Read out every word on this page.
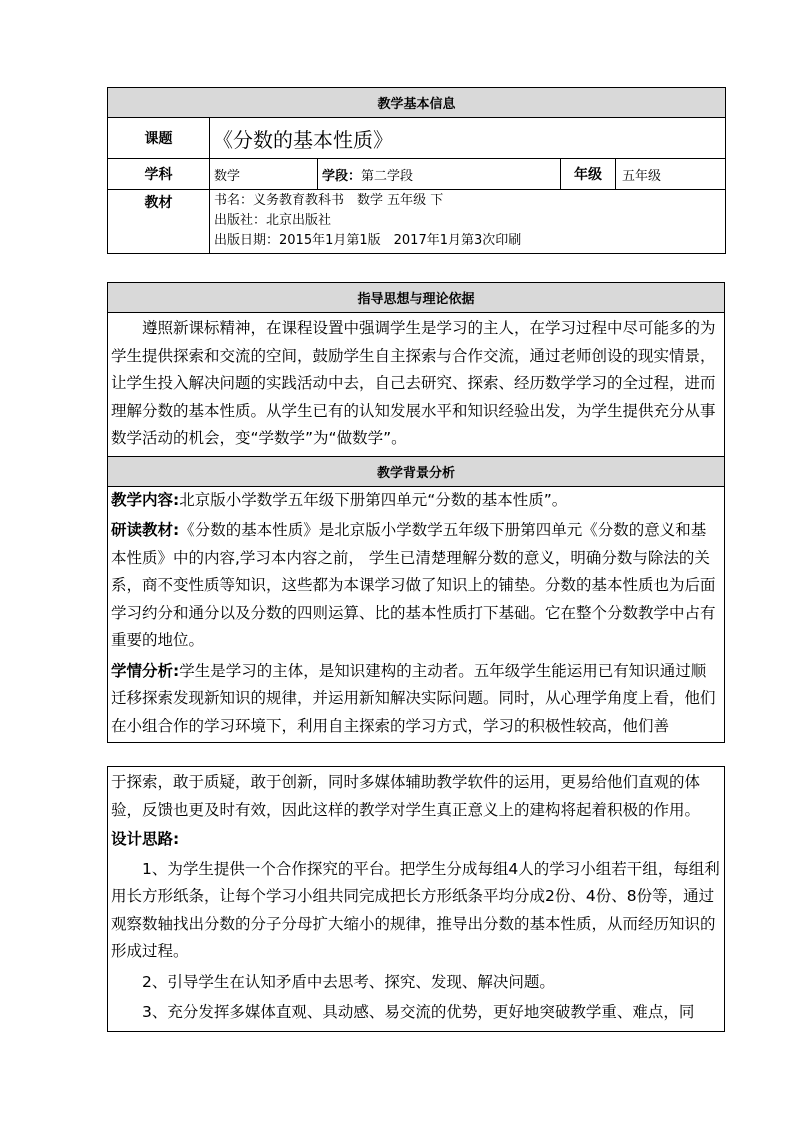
教学基本信息				
课题	《分数的基本性质》			
学科	数学	学段：第二学段	年级	五年级
教材	书名：义务教育教科书　数学 五年级 下
出版社：北京出版社
出版日期：2015年1月第1版　2017年1月第3次印刷			
指导思想与理论依据

遵照新课标精神，在课程设置中强调学生是学习的主人，在学习过程中尽可能多的为学生提供探索和交流的空间，鼓励学生自主探索与合作交流，通过老师创设的现实情景，让学生投入解决问题的实践活动中去，自己去研究、探索、经历数学学习的全过程，进而理解分数的基本性质。从学生已有的认知发展水平和知识经验出发，为学生提供充分从事数学活动的机会，变“学数学”为“做数学”。

教学背景分析

教学内容:北京版小学数学五年级下册第四单元“分数的基本性质”。

研读教材:《分数的基本性质》是北京版小学数学五年级下册第四单元《分数的意义和基本性质》中的内容,学习本内容之前， 学生已清楚理解分数的意义，明确分数与除法的关系，商不变性质等知识，这些都为本课学习做了知识上的铺垫。分数的基本性质也为后面学习约分和通分以及分数的四则运算、比的基本性质打下基础。它在整个分数教学中占有重要的地位。

学情分析:学生是学习的主体，是知识建构的主动者。五年级学生能运用已有知识通过顺迁移探索发现新知识的规律，并运用新知解决实际问题。同时，从心理学角度上看，他们在小组合作的学习环境下，利用自主探索的学习方式，学习的积极性较高，他们善

于探索，敢于质疑，敢于创新，同时多媒体辅助教学软件的运用，更易给他们直观的体验，反馈也更及时有效，因此这样的教学对学生真正意义上的建构将起着积极的作用。

设计思路:

1、为学生提供一个合作探究的平台。把学生分成每组4人的学习小组若干组，每组利用长方形纸条，让每个学习小组共同完成把长方形纸条平均分成2份、4份、8份等，通过观察数轴找出分数的分子分母扩大缩小的规律，推导出分数的基本性质，从而经历知识的形成过程。

2、引导学生在认知矛盾中去思考、探究、发现、解决问题。

3、充分发挥多媒体直观、具动感、易交流的优势，更好地突破教学重、难点，同
